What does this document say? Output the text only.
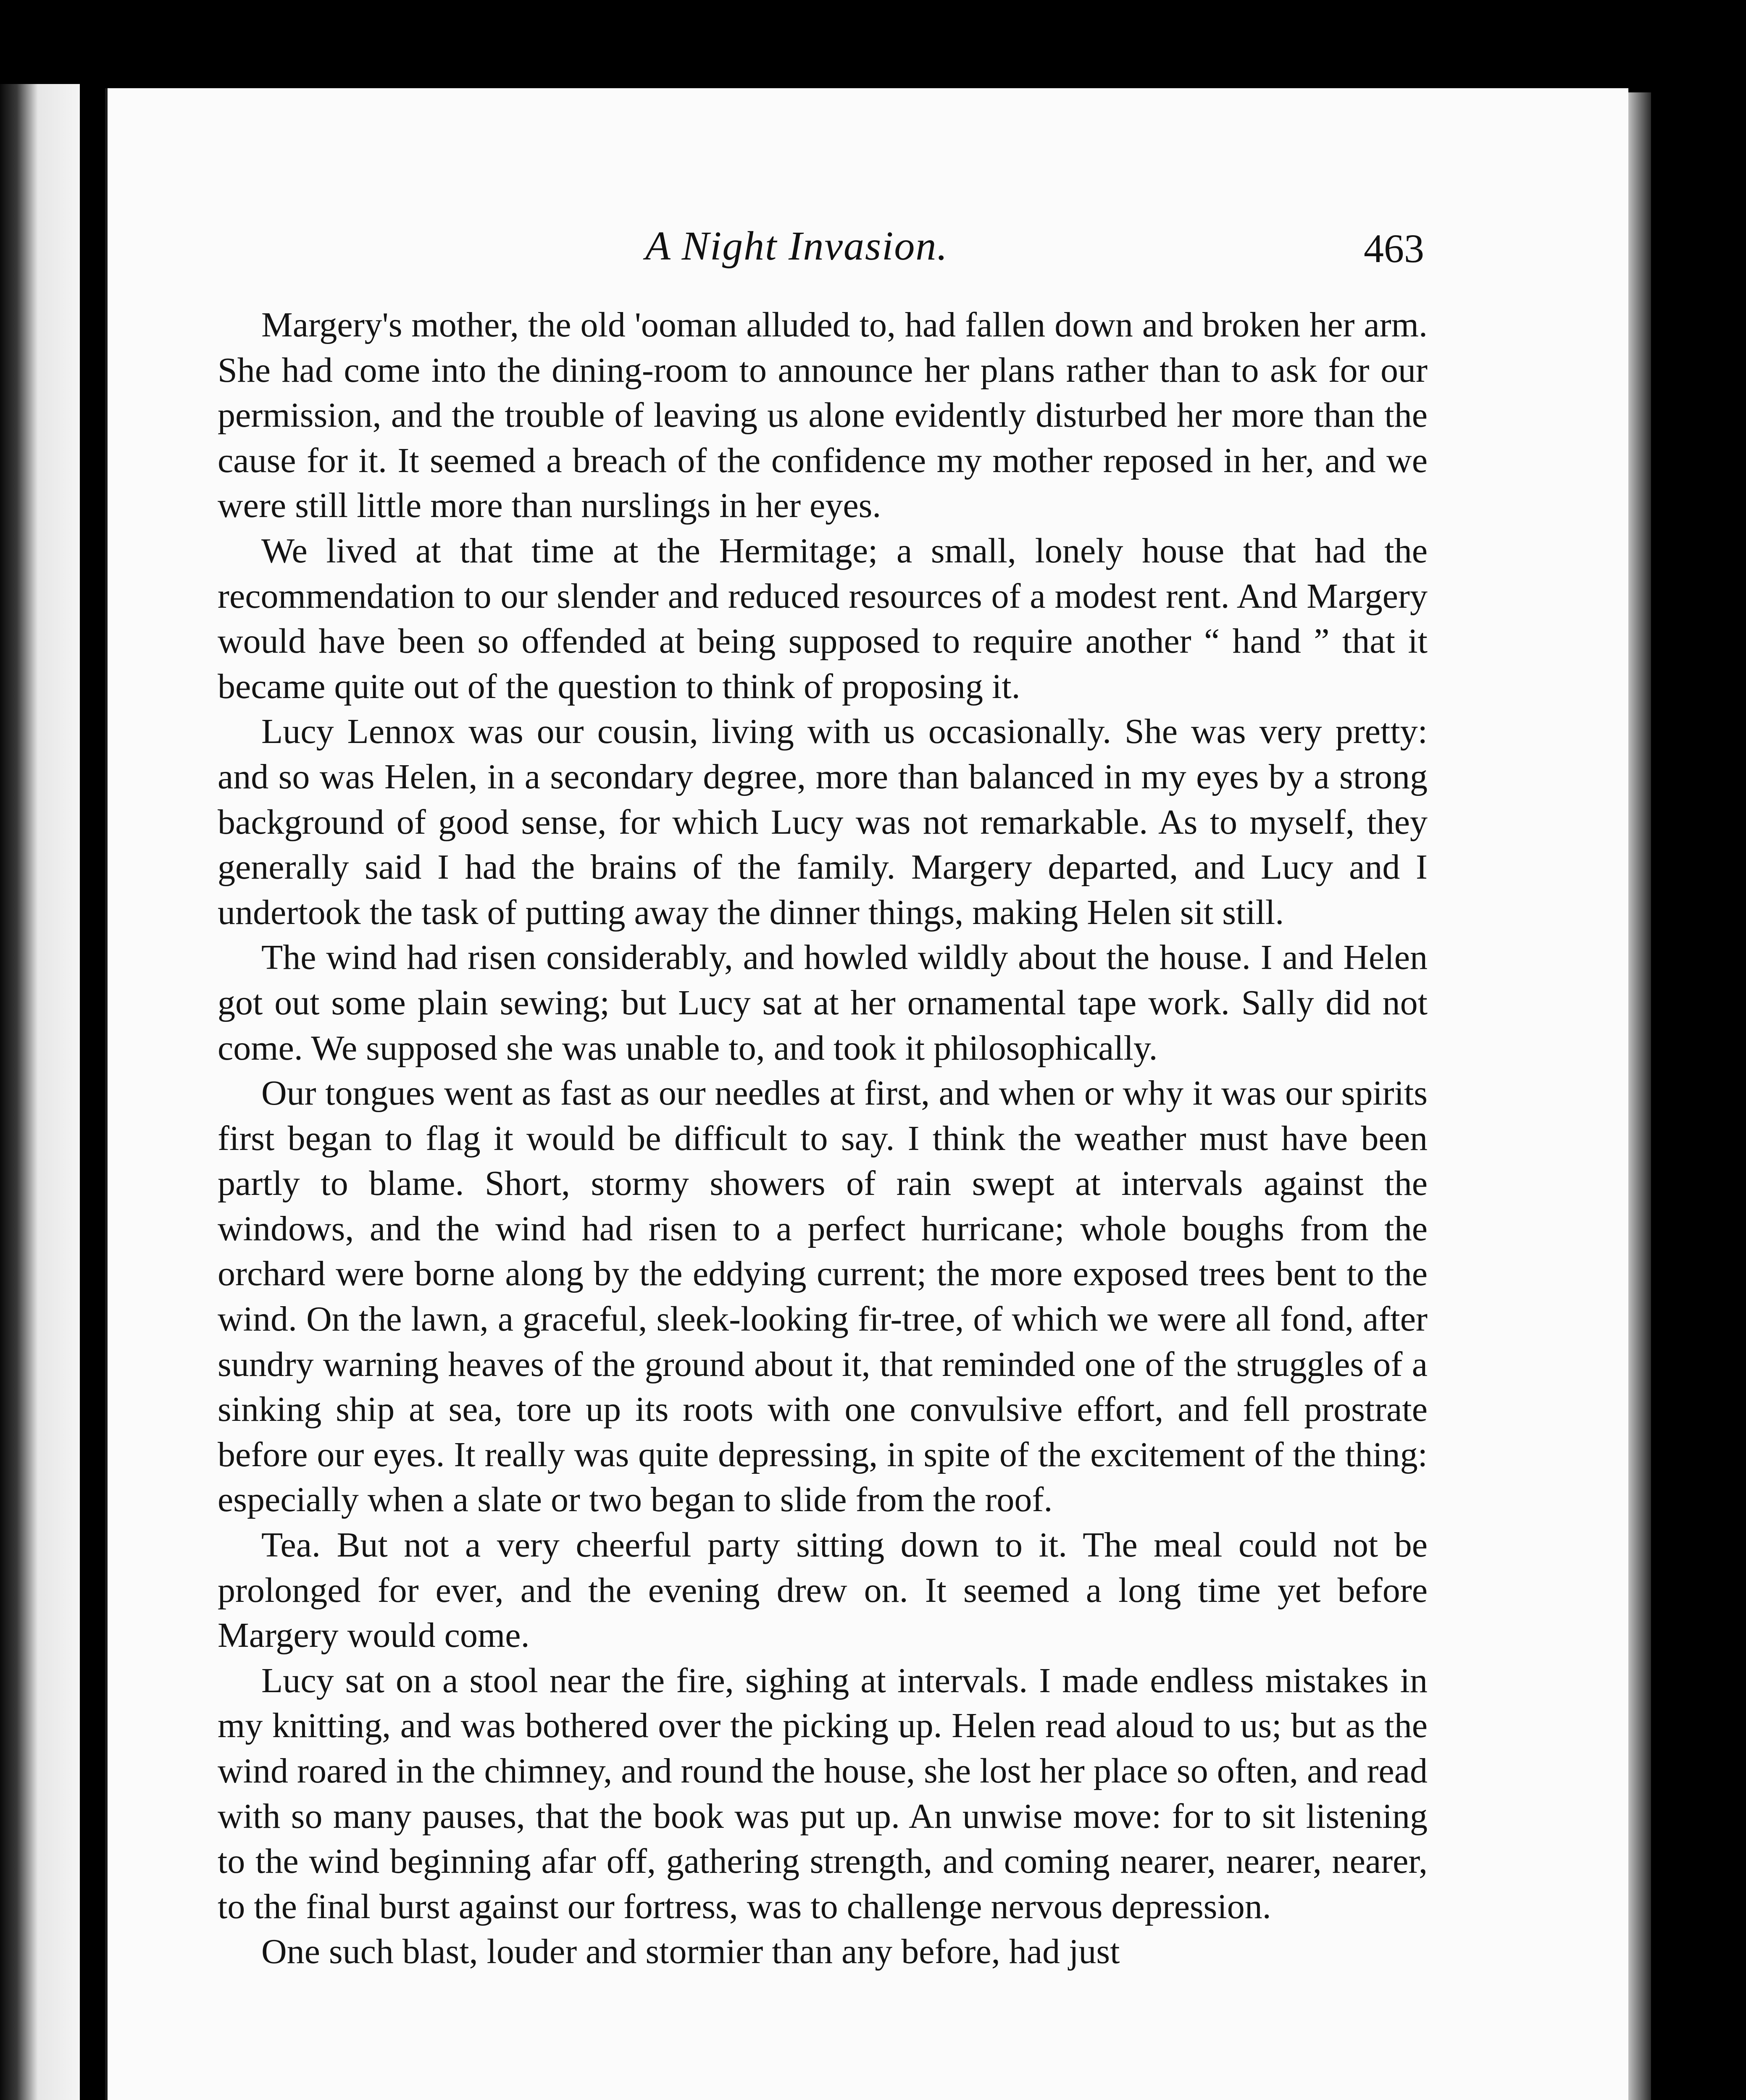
A Night Invasion.	463

Margery's mother, the old 'ooman alluded to, had fallen down and broken her arm. She had come into the dining-room to announce her plans rather than to ask for our permission, and the trouble of leaving us alone evidently disturbed her more than the cause for it. It seemed a breach of the confidence my mother reposed in her, and we were still little more than nurslings in her eyes.

We lived at that time at the Hermitage; a small, lonely house that had the recommendation to our slender and reduced resources of a modest rent. And Margery would have been so offended at being supposed to require another “ hand ” that it became quite out of the question to think of proposing it.

Lucy Lennox was our cousin, living with us occasionally. She was very pretty: and so was Helen, in a secondary degree, more than balanced in my eyes by a strong background of good sense, for which Lucy was not remarkable. As to myself, they generally said I had the brains of the family. Margery departed, and Lucy and I undertook the task of putting away the dinner things, making Helen sit still.

The wind had risen considerably, and howled wildly about the house. I and Helen got out some plain sewing; but Lucy sat at her ornamental tape work. Sally did not come. We supposed she was unable to, and took it philosophically.

Our tongues went as fast as our needles at first, and when or why it was our spirits first began to flag it would be difficult to say. I think the weather must have been partly to blame. Short, stormy showers of rain swept at intervals against the windows, and the wind had risen to a perfect hurricane; whole boughs from the orchard were borne along by the eddying current; the more exposed trees bent to the wind. On the lawn, a graceful, sleek-looking fir-tree, of which we were all fond, after sundry warning heaves of the ground about it, that reminded one of the struggles of a sinking ship at sea, tore up its roots with one convulsive effort, and fell prostrate before our eyes. It really was quite depressing, in spite of the excitement of the thing: especially when a slate or two began to slide from the roof.

Tea. But not a very cheerful party sitting down to it. The meal could not be prolonged for ever, and the evening drew on. It seemed a long time yet before Margery would come.

Lucy sat on a stool near the fire, sighing at intervals. I made endless mistakes in my knitting, and was bothered over the picking up. Helen read aloud to us; but as the wind roared in the chimney, and round the house, she lost her place so often, and read with so many pauses, that the book was put up. An unwise move: for to sit listening to the wind beginning afar off, gathering strength, and coming nearer, nearer, nearer, to the final burst against our fortress, was to challenge nervous depression.

One such blast, louder and stormier than any before, had just
